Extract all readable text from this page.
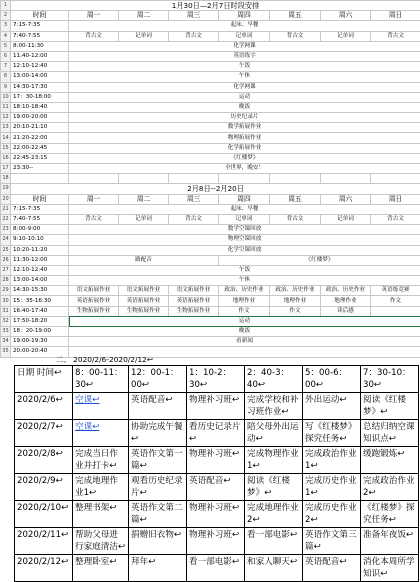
1	1月30日—2月7日时段安排							
2	时间	周一	周二	周三	周四	周五	周六	周日
3	7:15-7:35	起床、早餐						
4	7:40-7:55	背古文	记单词	背古文	记单词	背古文	记单词	背古文
5	8:00-11:30	化学网课						
6	11:40-12:00	英语练字						
7	12:10-12:40	午饭						
8	13:00-14:00	午休						
9	14:30-17:30	化学网课						
10	17：30-18:00	运动						
11	18:10-18:40	晚饭						
12	19:00-20:00	历史纪录片						
13	20:10-21:10	数学拓展作业						
14	21:20-22:00	物理拓展作业						
15	22:00-22:45	化学拓展作业						
16	22:45-23:15	《红楼梦》						
17	23:30--	全世界，晚安！						
18								
19	2月8日--2月20日							
20	时间	周一	周二	周三	周四	周五	周六	周日
21	7:15-7:35	起床、早餐						
22	7:40-7:55	背古文	记单词	背古文	记单词	背古文	记单词	背古文
23	8:00-9:00	数学空课回放						
24	9:10-10:10	物理空课回放						
25	10:20-11:20	化学空课回放						
26	11:30-12:00	路配音			《红楼梦》			
27	12:10-12:40	午饭						
28	13:00-14:00	午休						
29	14:30-15:30	语文拓展作业	语文拓展作业	语文拓展作业	政治、历史作业	政治、历史作业	政治、历史作业	英语练竞赛
30	15：35-16:30	英语拓展作业	英语拓展作业	英语拓展作业	地理作业	地理作业	地理作业	作文
31	16:40-17:40	生物拓展作业	生物拓展作业	生物拓展作业	作文	作文	读后感	
32	17:50-18:20	运动						
33	18：20-19:00	晚饭						
34	19:00-19:30	看新闻						
35	20:00-20:40							
二、 2020/2/6-2020/2/12↩
日期 时间↩	8：00-11：30↩	12：00-1：00↩	1：10-2：30↩	2：40-3：40↩	5：00-6：00↩	7：30-10：30↩
2020/2/6↩	空课↩	英语配音↩	物理补习班↩	完成学校和补习班作业↩	外出运动↩	阅读《红楼梦》↩
2020/2/7↩	空课↩	协助完成午餐↩	看历史记录片↩	陪父母外出运动↩	写《红楼梦》探究任务↩	总结归纳空课知识点↩
2020/2/8↩	完成当日作业并打卡↩	英语作文第一篇↩	物理补习班↩	完成物理作业1↩	完成政治作业1↩	缓跑锻炼↩
2020/2/9↩	完成地理作业1↩	观看历史纪录片↩	英语配音↩	阅读《红楼梦》↩	完成历史作业1↩	完成政治作业2↩
2020/2/10↩	整理书架↩	英语作文第二篇↩	物理补习班↩	完成地理作业2↩	完成历史作业2↩	《红楼梦》探究任务↩
2020/2/11↩	帮助父母进行家庭清洁↩	捐赠旧衣物↩	物理补习班↩	看一部电影↩	英语作文第三篇↩	准备年夜饭↩
2020/2/12↩	整理卧室↩	拜年↩	看一部电影↩	和家人聊天↩	英语配音↩	消化本周所学知识↩
